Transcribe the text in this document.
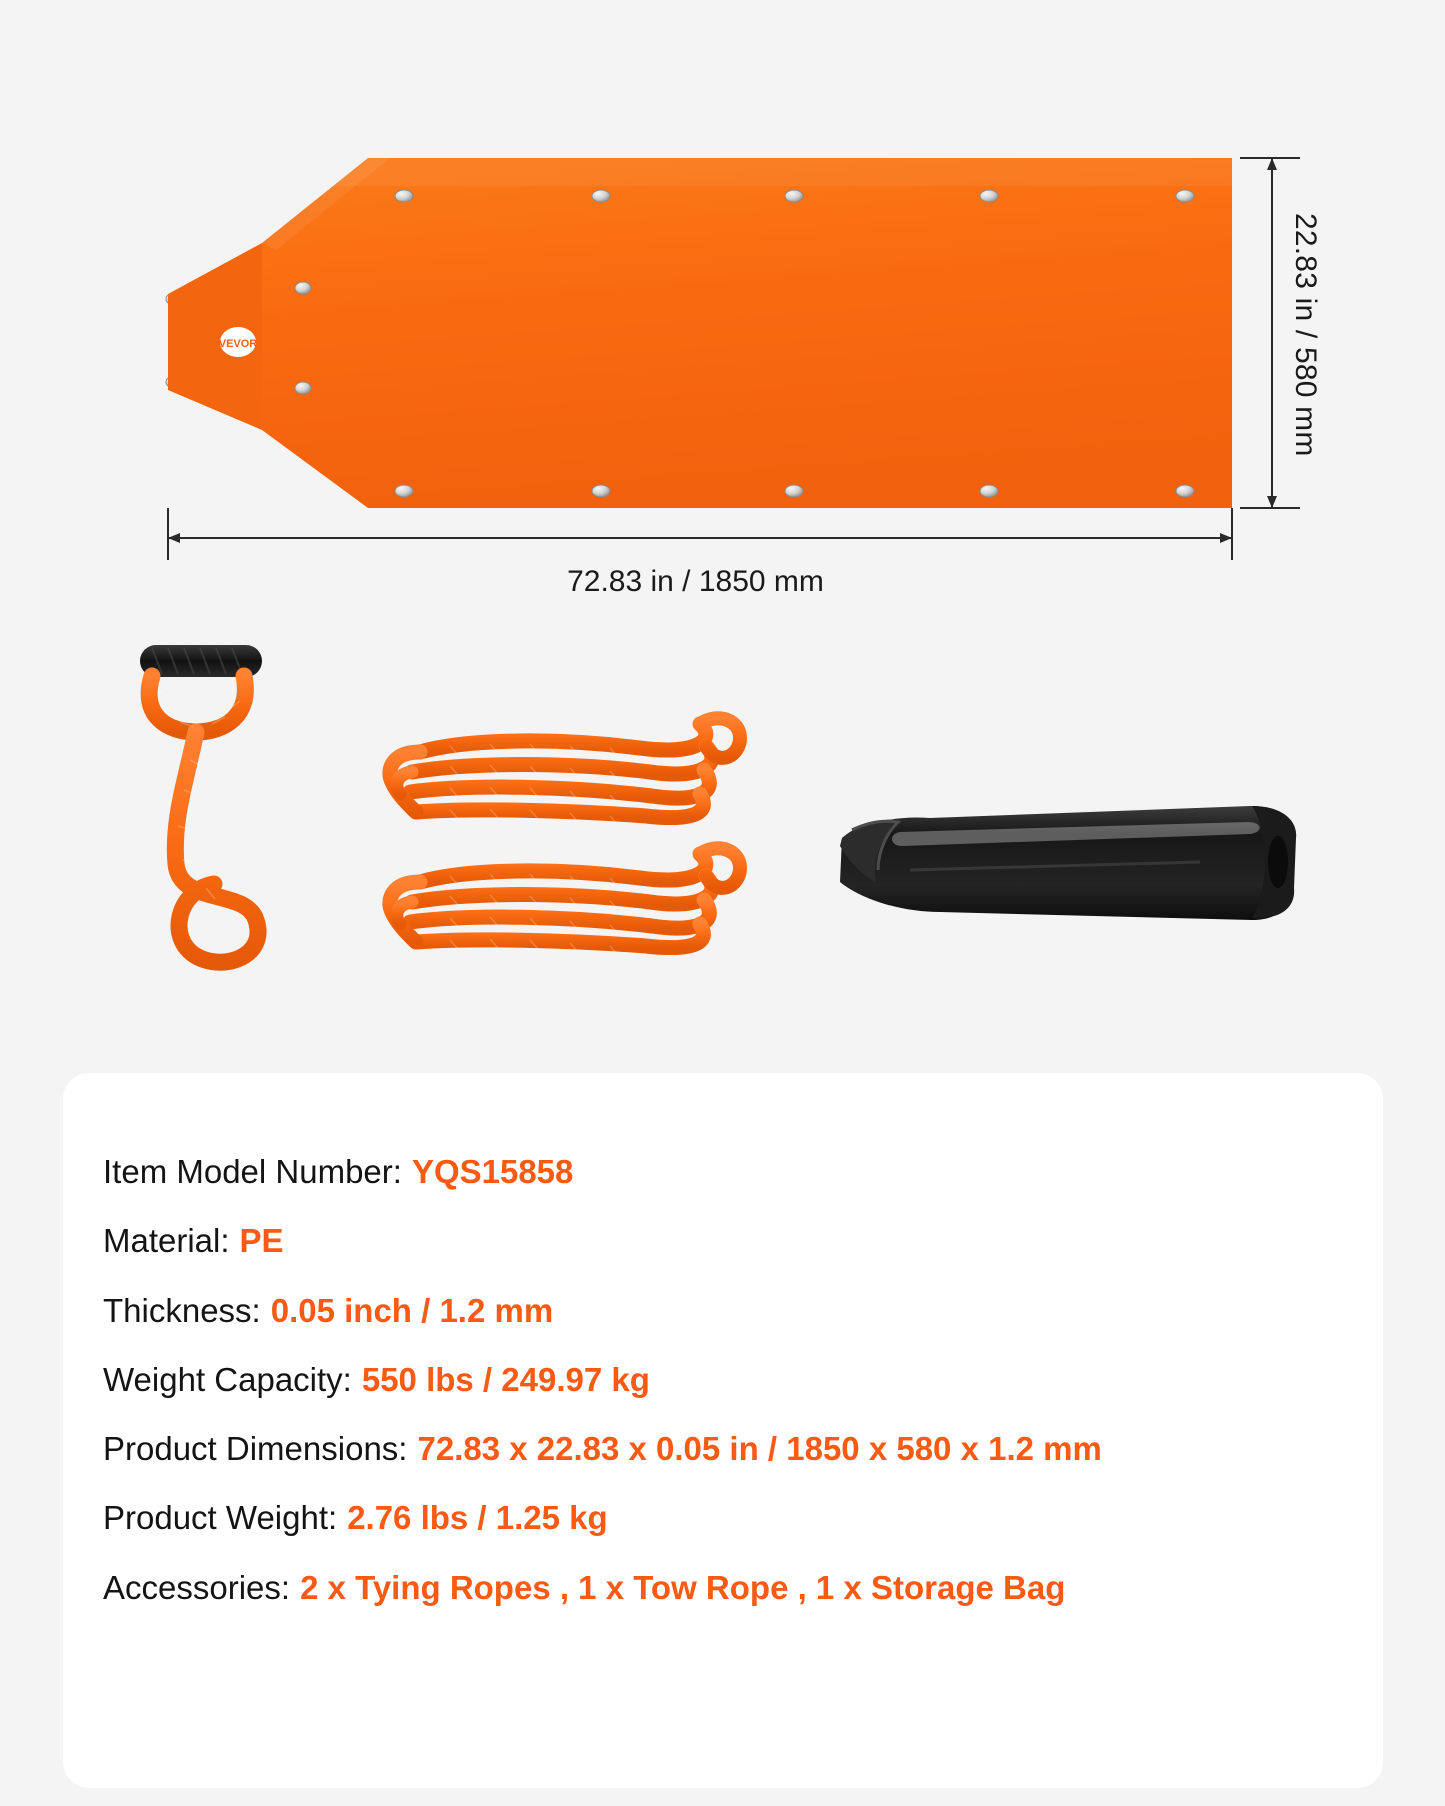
VEVOR	22.83 in / 580 mm
72.83 in / 1850 mm
Item Model Number: YQS15858
Material: PE
Thickness: 0.05 inch / 1.2 mm
Weight Capacity: 550 lbs / 249.97 kg
Product Dimensions: 72.83 x 22.83 x 0.05 in / 1850 x 580 x 1.2 mm
Product Weight: 2.76 lbs / 1.25 kg
Accessories: 2 x Tying Ropes , 1 x Tow Rope , 1 x Storage Bag
